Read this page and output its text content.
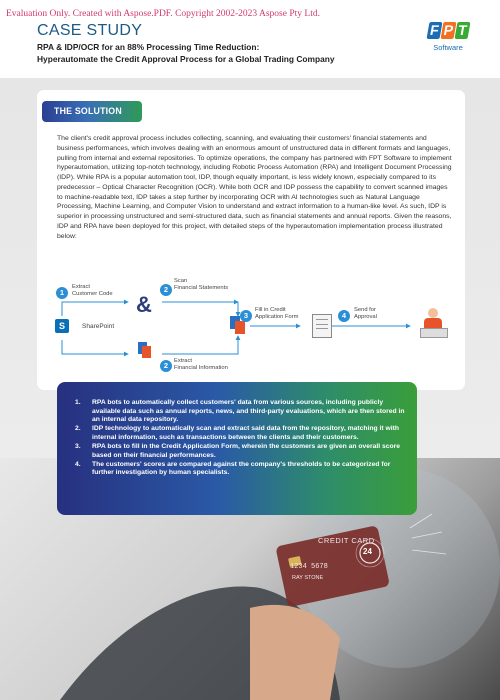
Evaluation Only. Created with Aspose.PDF. Copyright 2002-2023 Aspose Pty Ltd.
CASE STUDY
RPA & IDP/OCR for an 88% Processing Time Reduction:
Hyperautomate the Credit Approval Process for a Global Trading Company
F P T
Software
THE SOLUTION
The client's credit approval process includes collecting, scanning, and evaluating their customers' financial statements and business performances, which involves dealing with an enormous amount of unstructured data in different formats and languages, pulling from internal and external repositories. To optimize operations, the company has partnered with FPT Software to implement hyperautomation, utilizing top-notch technology, including Robotic Process Automation (RPA) and Intelligent Document Processing (IDP). While RPA is a popular automation tool, IDP, though equally important, is less widely known, especially compared to its predecessor – Optical Character Recognition (OCR). While both OCR and IDP possess the capability to convert scanned images to machine-readable text, IDP takes a step further by incorporating OCR with AI technologies such as Natural Language Processing, Machine Learning, and Computer Vision to understand and extract information to a human-like level. As such, IDP is superior in processing unstructured and semi-structured data, such as financial statements and annual reports. Given the reasons, IDP and RPA have been deployed for this project, with detailed steps of the hyperautomation implementation process illustrated below:
S	SharePoint
&
1
Extract
Customer Code	2
Scan
Financial Statements
2	Extract
Financial Information
3
Fill in Credit
Application Form	4
Send for
Approval
CREDIT CARD
1234 5678
RAY STONE
24
1.	RPA bots to automatically collect customers' data from various sources, including publicly available data such as annual reports, news, and third-party evaluations, which are then stored in an internal data repository.
2.	IDP technology to automatically scan and extract said data from the repository, matching it with internal information, such as transactions between the clients and their customers.
3.	RPA bots to fill in the Credit Application Form, wherein the customers are given an overall score based on their financial performances.
4.	The customers' scores are compared against the company's thresholds to be categorized for further investigation by human specialists.
